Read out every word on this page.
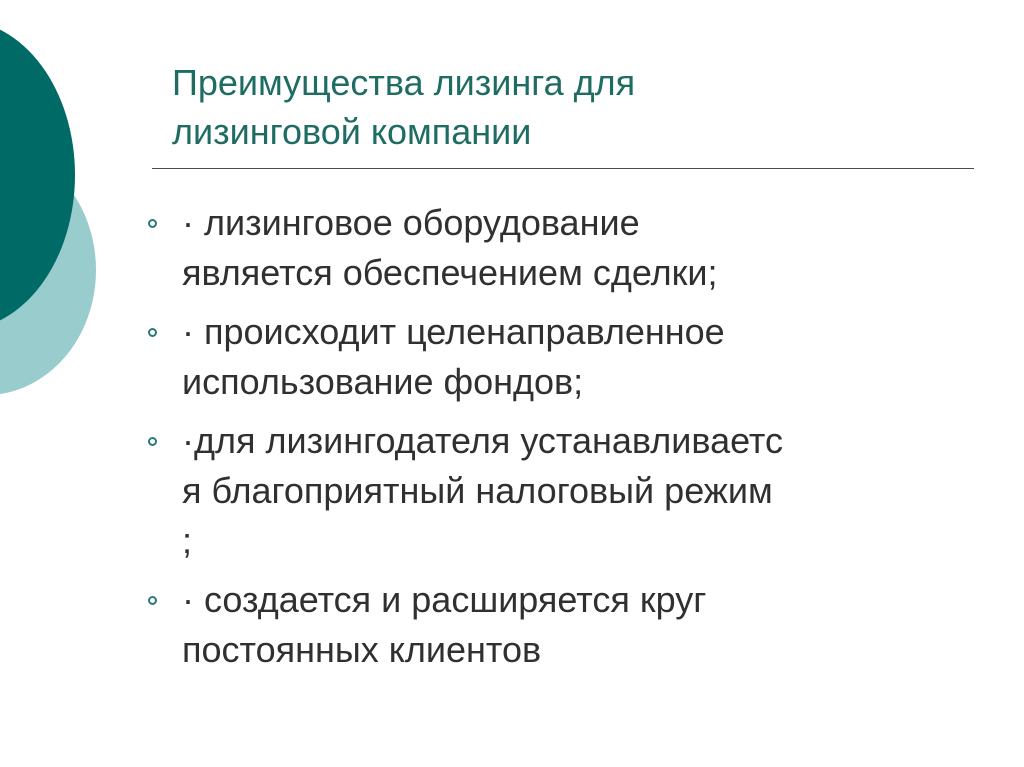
Преимущества лизинга для
лизинговой компании
· лизинговое оборудование
является обеспечением сделки;
· происходит целенаправленное
использование фондов;
·для лизингодателя устанавливаетс
я благоприятный налоговый режим
;
· создается и расширяется круг
постоянных клиентов
